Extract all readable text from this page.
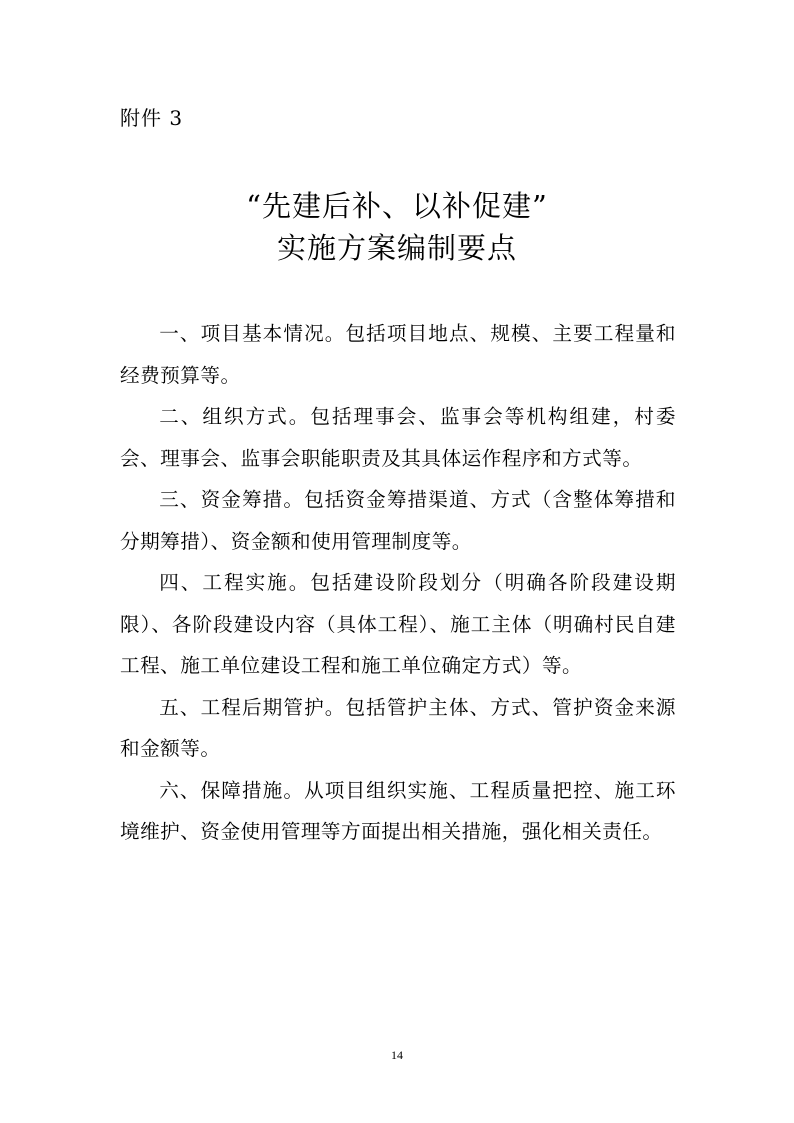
附件 3
“先建后补、以补促建”
实施方案编制要点

一、项目基本情况。包括项目地点、规模、主要工程量和经费预算等。

二、组织方式。包括理事会、监事会等机构组建，村委会、理事会、监事会职能职责及其具体运作程序和方式等。

三、资金筹措。包括资金筹措渠道、方式（含整体筹措和分期筹措）、资金额和使用管理制度等。

四、工程实施。包括建设阶段划分（明确各阶段建设期限）、各阶段建设内容（具体工程）、施工主体（明确村民自建工程、施工单位建设工程和施工单位确定方式）等。

五、工程后期管护。包括管护主体、方式、管护资金来源和金额等。

六、保障措施。从项目组织实施、工程质量把控、施工环境维护、资金使用管理等方面提出相关措施，强化相关责任。

14
